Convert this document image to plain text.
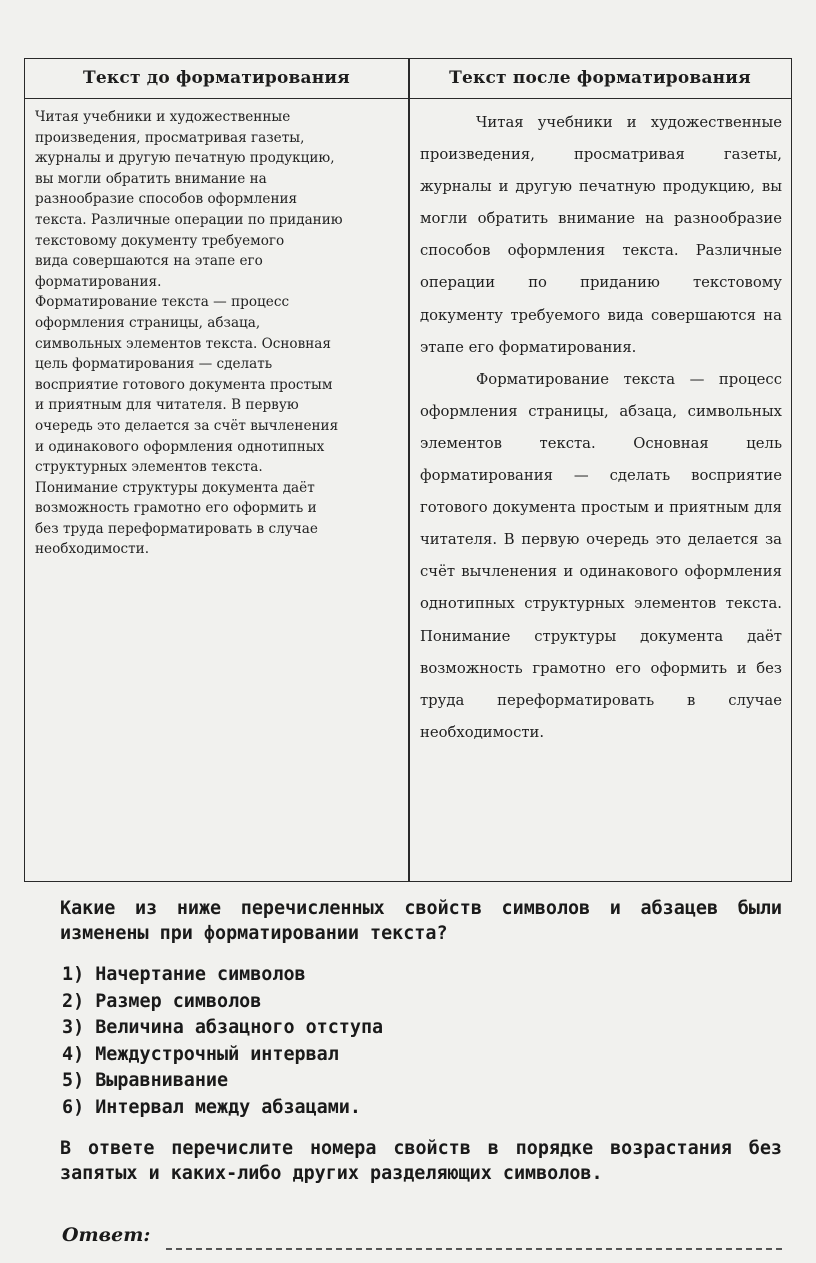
Текст до форматирования	Текст после форматирования

Читая учебники и художественные
произведения, просматривая газеты,
журналы и другую печатную продукцию,
вы могли обратить внимание на
разнообразие способов оформления
текста. Различные операции по приданию
текстовому документу требуемого
вида совершаются на этапе его
форматирования.

Форматирование текста — процесс
оформления страницы, абзаца,
символьных элементов текста. Основная
цель форматирования — сделать
восприятие готового документа простым
и приятным для читателя. В первую
очередь это делается за счёт вычленения
и одинакового оформления однотипных
структурных элементов текста.

Понимание структуры документа даёт
возможность грамотно его оформить и
без труда переформатировать в случае
необходимости.

Читая учебники и художественные произведения, просматривая газеты, журналы и другую печатную продукцию, вы могли обратить внимание на разнообразие способов оформления текста. Различные операции по приданию текстовому документу требуемого вида совершаются на этапе его форматирования.

Форматирование текста — процесс оформления страницы, абзаца, символьных элементов текста. Основная цель форматирования — сделать восприятие готового документа простым и приятным для читателя. В первую очередь это делается за счёт вычленения и одинакового оформления однотипных структурных элементов текста. Понимание структуры документа даёт возможность грамотно его оформить и без труда переформатировать в случае необходимости.

Какие из ниже перечисленных свойств символов и абзацев были изменены при форматировании текста?
1) Начертание символов
2) Размер символов
3) Величина абзацного отступа
4) Междустрочный интервал
5) Выравнивание
6) Интервал между абзацами.
В ответе перечислите номера свойств в порядке возрастания без запятых и каких-либо других разделяющих символов.
Ответ:
